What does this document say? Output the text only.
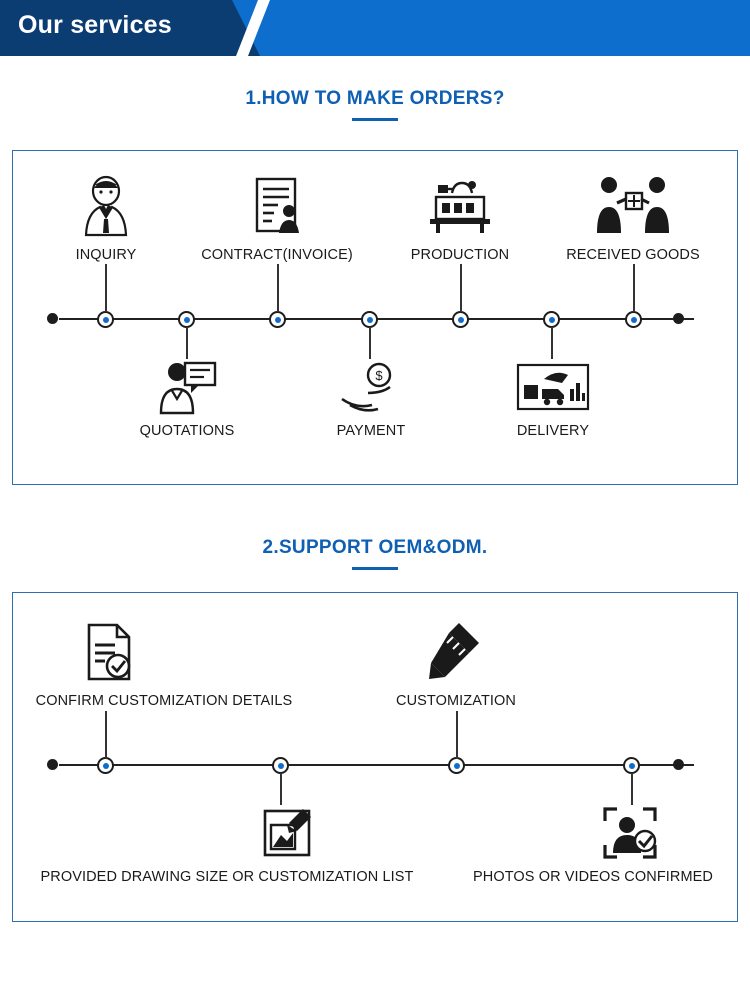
Our services
1.HOW TO MAKE ORDERS?
INQUIRY	CONTRACT(INVOICE)	PRODUCTION	RECEIVED GOODS
QUOTATIONS
$
PAYMENT	DELIVERY
2.SUPPORT OEM&ODM.
CONFIRM CUSTOMIZATION DETAILS	CUSTOMIZATION
PROVIDED DRAWING SIZE OR CUSTOMIZATION LIST	PHOTOS OR VIDEOS CONFIRMED
